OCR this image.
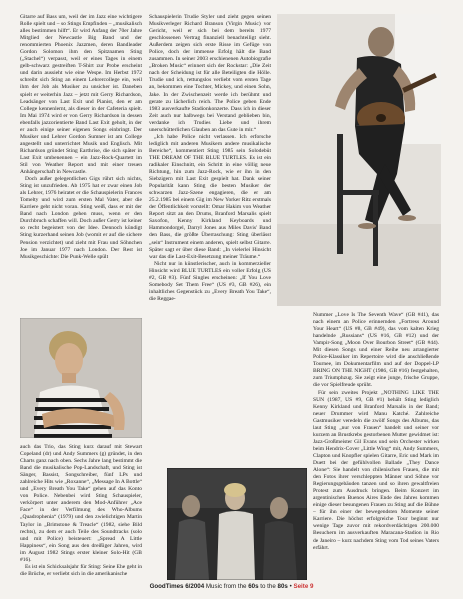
Gitarre auf Bass um, weil der im Jazz eine wichtigere Rolle spielt und – so Stings Empfinden – „musikalisch alles bestimmen hilft“. Er wird Anfang der 70er Jahre Mitglied der Newcastle Big Band und der renommierten Phoenix Jazzmen, deren Bandleader Gordon Solomon ihm den Spitznamen Sting („Stachel“) verpasst, weil er eines Tages in einem gelb-schwarz gestreiften T-Shirt zur Probe erscheint und darin aussieht wie eine Wespe. Im Herbst 1972 schreibt sich Sting an einem Lehrercollege ein, weil ihm der Job als Musiker zu unsicher ist. Daneben spielt er weiterhin Jazz – jetzt mit Gerry Richardson, Leadsänger von Last Exit und Pianist, den er am College kennenlernt, als dieser in der Cafeteria spielt. Im Mai 1974 wird er von Gerry Richardson in dessen ebenfalls jazzorientierte Band Last Exit geholt, in der er auch einige seiner eigenen Songs einbringt. Der Musiker und Lehrer Gordon Sumner ist am College angestellt und unterrichtet Musik und Englisch. Mit Richardson gründet Sting Earthrise, die sich später in Last Exit umbenennen – ein Jazz-Rock-Quartett im Stil von Weather Report und mit einer treuen Anhängerschaft in Newcastle.

Doch außer gelegentlichen Gigs rührt sich nichts, Sting ist unzufrieden. Ab 1975 hat er zwar einen Job als Lehrer, 1976 heiratet er die Schauspielerin Frances Tomelty und wird zum ersten Mal Vater, aber die Karriere geht nicht voran. Sting weiß, dass er mit der Band nach London gehen muss, wenn er den Durchbruch schaffen will. Doch außer Gerry ist keiner so recht begeistert von der Idee. Dennoch kündigt Sting kurzerhand seinen Job (womit er auf die sichere Pension verzichtet) und zieht mit Frau und Söhnchen Joe im Januar 1977 nach London. Der Rest ist Musikgeschichte: Die Punk-Welle spült

auch das Trio, das Sting kurz darauf mit Stewart Copeland (dr) und Andy Summers (g) gründet, in den Charts ganz nach oben. Sechs Jahre lang bestimmt die Band die musikalische Pop-Landschaft, und Sting ist Sänger, Bassist, Songschreiber, fünf LPs und zahlreiche Hits wie „Roxanne“, „Message In A Bottle“ und „Every Breath You Take“ gehen auf das Konto von Police. Nebenbei wird Sting Schauspieler, verkörpert unter anderem den Mod-Anführer „Ace Face“ in der Verfilmung des Who-Albums „Quadrophenia“ (1979) und den zwielichtigen Martin Taylor in „Brimstone & Treacle“ (1982, siehe Bild rechts), zu dem er auch Teile des Soundtracks (solo und mit Police) beisteuert: „Spread A Little Happiness“, ein Song aus den dreißiger Jahren, wird im August 1982 Stings erster kleiner Solo-Hit (GB #16).

Es ist ein Schicksalsjahr für Sting: Seine Ehe geht in die Brüche, er verliebt sich in die amerikanische

Schauspielerin Trudie Styler und zieht gegen seinen Musikverleger Richard Branson (Virgin Music) vor Gericht, weil er sich bei dem bereits 1977 geschlossenen Vertrag finanziell benachteiligt sieht. Außerdem zeigen sich erste Risse im Gefüge von Police, doch der immense Erfolg hält die Band zusammen. In seiner 2003 erschienenen Autobiografie „Broken Music“ erinnert sich der Rockstar: „Die Zeit nach der Scheidung ist für alle Beteiligten die Hölle. Trudie und ich, rettungslos verliebt vom ersten Tage an, bekommen eine Tochter, Mickey, und einen Sohn, Jake. In der Zwischenzeit werde ich berühmt und gerate zu lächerlich reich. The Police geben Ende 1983 ausverkaufte Stadionkonzerte. Dass ich in dieser Zeit auch nur halbwegs bei Verstand geblieben bin, verdanke ich Trudies Liebe und ihrem unerschütterlichen Glauben an das Gute in mir.“

„Ich habe Police nicht verlassen. Ich erforsche lediglich mit anderen Musikern andere musikalische Bereiche“, kommentiert Sting 1985 sein Solodebüt THE DREAM OF THE BLUE TURTLES. Es ist ein radikaler Einschnitt, ein Schritt in eine völlig neue Richtung, hin zum Jazz-Rock, wie er ihn in den Siebzigern mit Last Exit gespielt hat. Dank seiner Popularität kann Sting die besten Musiker der schwarzen Jazz-Szene engagieren, die er am 25.2.1985 bei einem Gig im New Yorker Ritz erstmals der Öffentlichkeit vorstellt: Omar Hakim von Weather Report sitzt an den Drums, Branford Marsalis spielt Saxofon, Kenny Kirkland Keyboards und Hammondorgel, Darryl Jones aus Miles Davis' Band den Bass, die größte Überraschung: Sting überlässt „sein“ Instrument einem anderen, spielt selbst Gitarre. Später sagt er über diese Band: „In vielerlei Hinsicht war das die Last-Exit-Besetzung meiner Träume.“

Nicht nur in künstlerischer, auch in kommerzieller Hinsicht wird BLUE TURTLES ein voller Erfolg (US #2, GB #3). Fünf Singles erscheinen: „If You Love Somebody Set Them Free“ (US #3, GB #26), ein inhaltliches Gegenstück zu „Every Breath You Take“, die Reggae-

Nummer „Love Is The Seventh Wave“ (GB #41), das nach einem an Police erinnernden „Fortress Around Your Heart“ (US #8, GB #49), das vom kalten Krieg handelnde „Russians“ (US #16, GB #12) und der Vampir-Song „Moon Over Bourbon Street“ (GB #44). Mit diesen Songs und einer Reihe neu arrangierter Police-Klassiker im Repertoire wird die anschließende Tournee, im Dokumentarfilm und auf der Doppel-LP BRING ON THE NIGHT (1986, GB #16) festgehalten, zum Triumphzug. Sie zeigt eine junge, frische Gruppe, die vor Spielfreude sprüht.

Für sein zweites Projekt „NOTHING LIKE THE SUN (1987, US #9, GB #1) behält Sting lediglich Kenny Kirkland und Branford Marsalis in der Band; neuer Drummer wird Manu Katché. Zahlreiche Gastmusiker veredeln die zwölf Songs des Albums, das laut Sting „nur von Frauen“ handelt und seiner vor kurzem an Brustkrebs gestorbenen Mutter gewidmet ist: Jazz-Großmeister Gil Evans und sein Orchester wirken beim Hendrix-Cover „Little Wing“ mit, Andy Summers, Clapton und Knopfler spielen Gitarre, Eric und Mark im Duett bei der gefühlvollen Ballade „They Dance Alone“: Sie handelt von chilenischen Frauen, die mit den Fotos ihrer verschleppten Männer und Söhne vor Regierungsgebäuden tanzen und so ihren gewaltfreien Protest zum Ausdruck bringen. Beim Konzert im argentinischen Buenos Aires Ende des Jahres kommen einige dieser besungenen Frauen zu Sting auf die Bühne – für ihn einer der bewegendsten Momente seiner Karriere. Die höchst erfolgreiche Tour beginnt nur wenige Tage zuvor mit rekordverdächtigen 200.000 Besuchern im ausverkauften Maracana-Stadion in Rio de Janeiro – kurz nachdem Sting vom Tod seines Vaters erfährt.

GoodTimes 6/2004 Music from the 60s to the 80s • Seite 9
